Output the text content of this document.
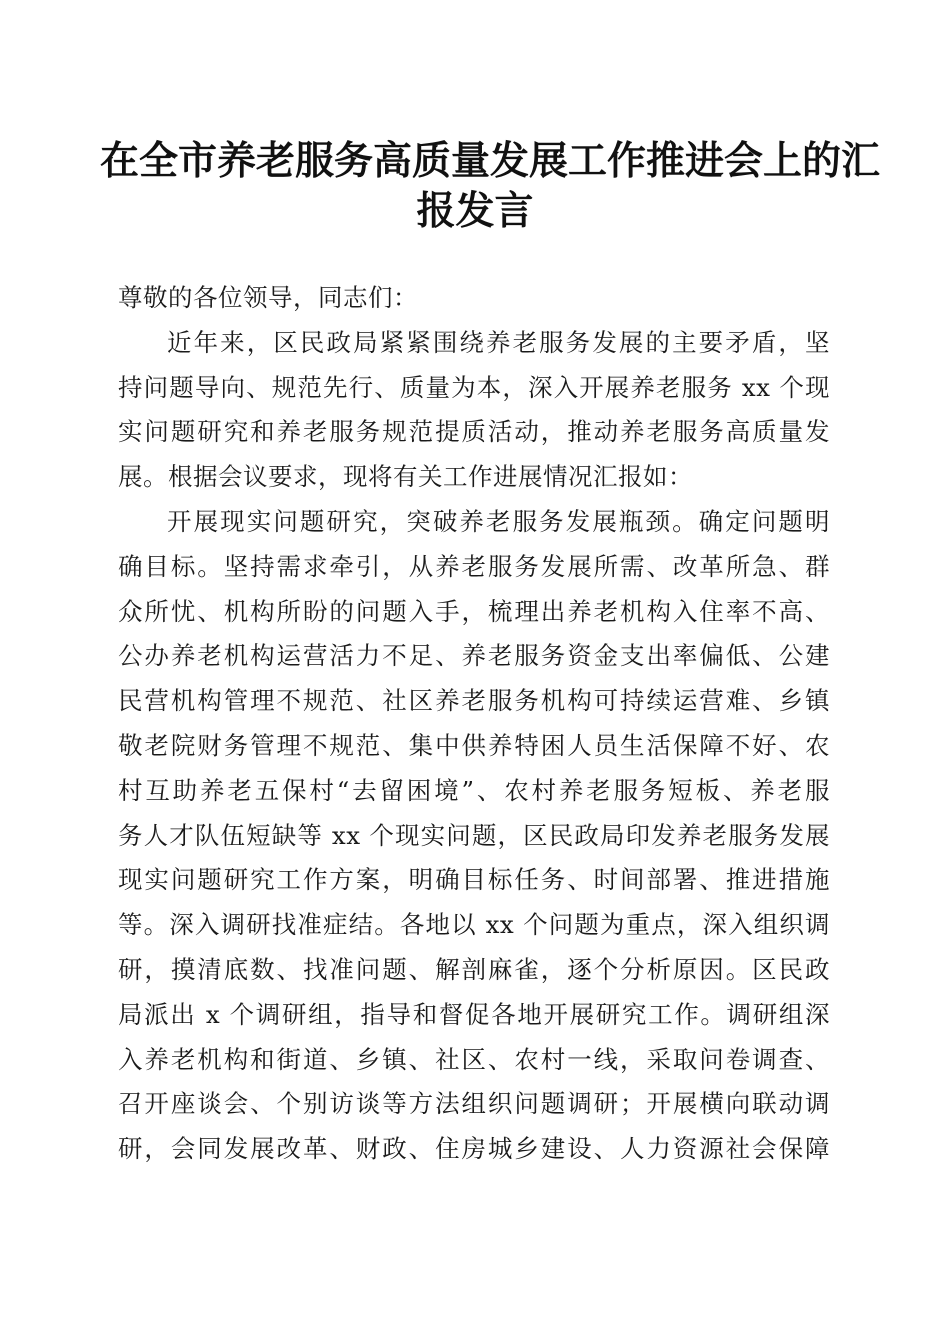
在全市养老服务高质量发展工作推进会上的汇
报发言
尊敬的各位领导，同志们：
近年来，区民政局紧紧围绕养老服务发展的主要矛盾，坚
持问题导向、规范先行、质量为本，深入开展养老服务 xx 个现
实问题研究和养老服务规范提质活动，推动养老服务高质量发
展。根据会议要求，现将有关工作进展情况汇报如：
开展现实问题研究，突破养老服务发展瓶颈。确定问题明
确目标。坚持需求牵引，从养老服务发展所需、改革所急、群
众所忧、机构所盼的问题入手，梳理出养老机构入住率不高、
公办养老机构运营活力不足、养老服务资金支出率偏低、公建
民营机构管理不规范、社区养老服务机构可持续运营难、乡镇
敬老院财务管理不规范、集中供养特困人员生活保障不好、农
村互助养老五保村“去留困境”、农村养老服务短板、养老服
务人才队伍短缺等 xx 个现实问题，区民政局印发养老服务发展
现实问题研究工作方案，明确目标任务、时间部署、推进措施
等。深入调研找准症结。各地以 xx 个问题为重点，深入组织调
研，摸清底数、找准问题、解剖麻雀，逐个分析原因。区民政
局派出 x 个调研组，指导和督促各地开展研究工作。调研组深
入养老机构和街道、乡镇、社区、农村一线，采取问卷调查、
召开座谈会、个别访谈等方法组织问题调研；开展横向联动调
研，会同发展改革、财政、住房城乡建设、人力资源社会保障
